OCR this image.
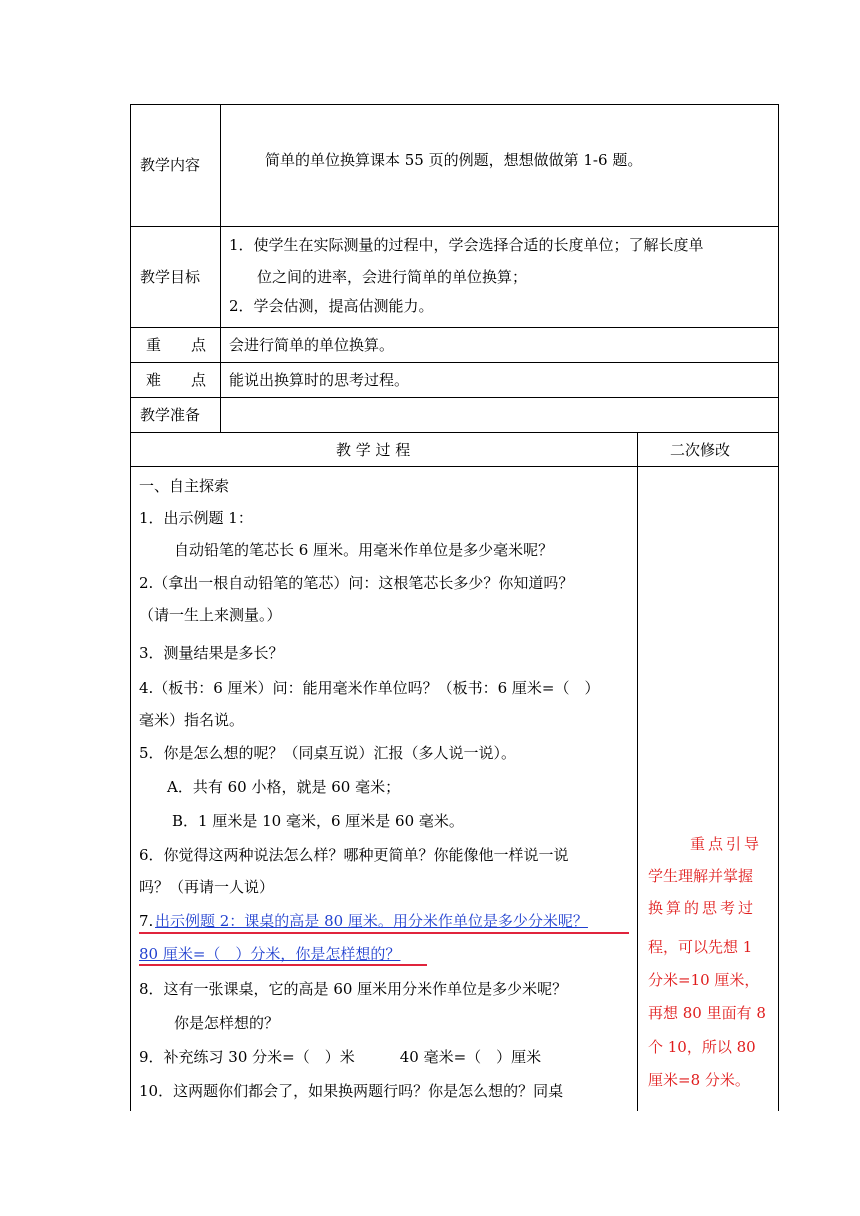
教学内容	简单的单位换算课本 55 页的例题，想想做做第 1-6 题。
教学目标
1．使学生在实际测量的过程中，学会选择合适的长度单位；了解长度单
位之间的进率，会进行简单的单位换算；
2．学会估测，提高估测能力。
重　　点 会进行简单的单位换算。
难　　点 能说出换算时的思考过程。
教学准备
教 学 过 程	二次修改
一、自主探索
1．出示例题 1：
自动铅笔的笔芯长 6 厘米。用毫米作单位是多少毫米呢？
2.（拿出一根自动铅笔的笔芯）问：这根笔芯长多少？你知道吗？
（请一生上来测量。）
3．测量结果是多长？
4.（板书：6 厘米）问：能用毫米作单位吗？（板书：6 厘米=（　）
毫米）指名说。
5．你是怎么想的呢？（同桌互说）汇报（多人说一说）。
A．共有 60 小格，就是 60 毫米；
B．1 厘米是 10 毫米，6 厘米是 60 毫米。
6．你觉得这两种说法怎么样？哪种更简单？你能像他一样说一说
吗？（再请一人说）
7. 出示例题 2：课桌的高是 80 厘米。用分米作单位是多少分米呢？
80 厘米=（　）分米，你是怎样想的？
8．这有一张课桌，它的高是 60 厘米用分米作单位是多少米呢？
你是怎样想的？
9．补充练习 30 分米=（　）米　　　40 毫米=（　）厘米
10．这两题你们都会了，如果换两题行吗？你是怎么想的？同桌
重点引导
学生理解并掌握
换算的思考过
程，可以先想 1
分米=10 厘米，
再想 80 里面有 8
个 10，所以 80
厘米=8 分米。
